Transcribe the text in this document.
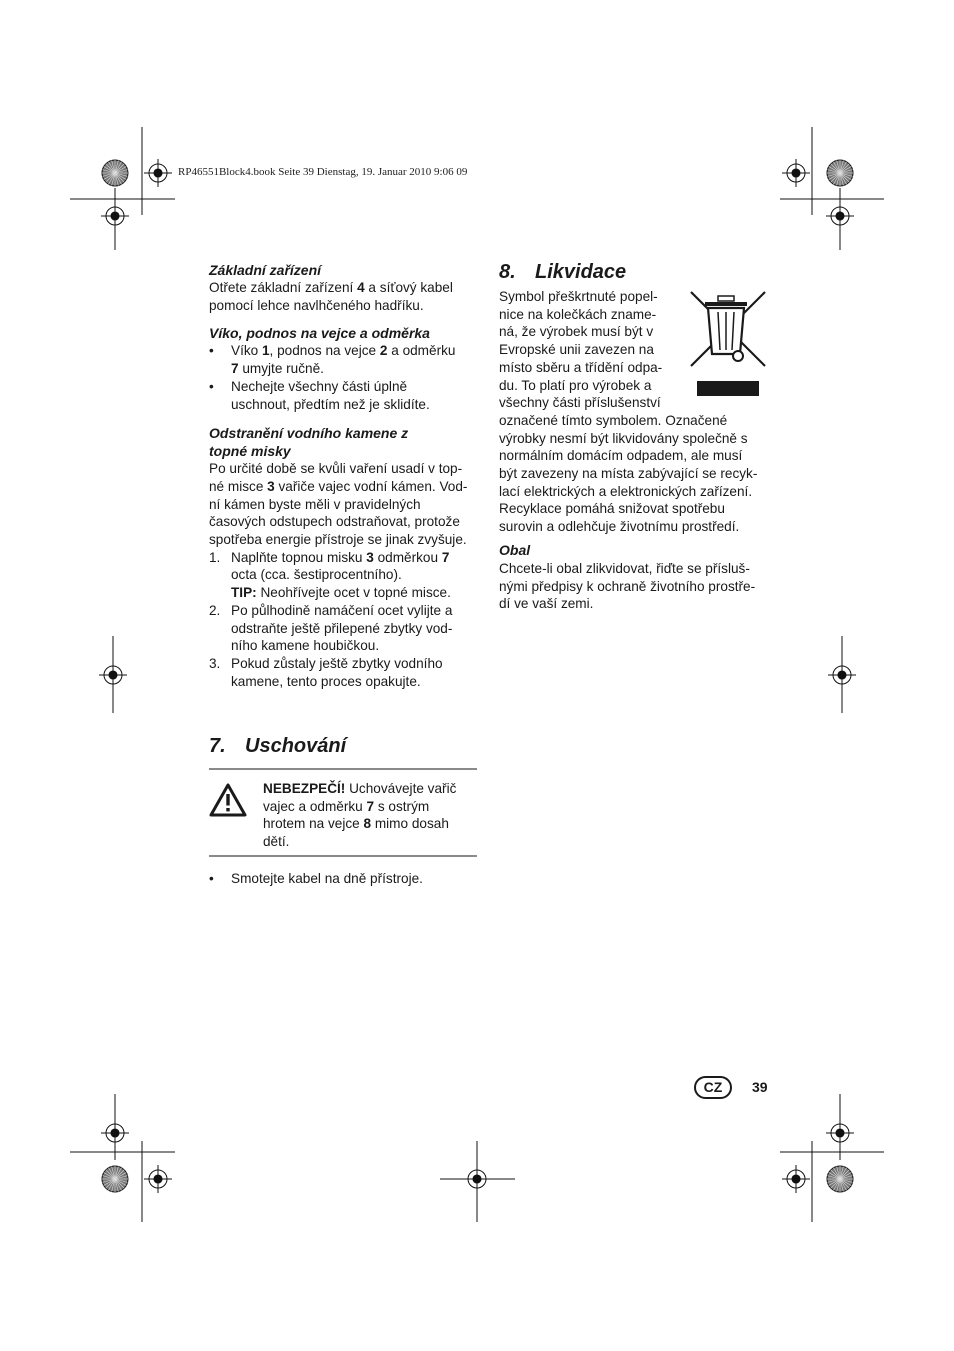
RP46551Block4.book Seite 39 Dienstag, 19. Januar 2010 9:06 09
Základní zařízení
Otřete základní zařízení 4 a síťový kabel
pomocí lehce navlhčeného hadříku.
Víko, podnos na vejce a odměrka
• Víko 1, podnos na vejce 2 a odměrku
7 umyjte ručně.
• Nechejte všechny části úplně
uschnout, předtím než je sklidíte.
Odstranění vodního kamene z
topné misky
Po určité době se kvůli vaření usadí v top-
né misce 3 vařiče vajec vodní kámen. Vod-
ní kámen byste měli v pravidelných
časových odstupech odstraňovat, protože
spotřeba energie přístroje se jinak zvyšuje.
1. Naplňte topnou misku 3 odměrkou 7
octa (cca. šestiprocentního).
TIP: Neohřívejte ocet v topné misce.
2. Po půlhodině namáčení ocet vylijte a
odstraňte ještě přilepené zbytky vod-
ního kamene houbičkou.
3. Pokud zůstaly ještě zbytky vodního
kamene, tento proces opakujte.
7. Uschování
NEBEZPEČÍ! Uchovávejte vařič
vajec a odměrku 7 s ostrým
hrotem na vejce 8 mimo dosah
dětí.
• Smotejte kabel na dně přístroje.
8. Likvidace
Symbol přeškrtnuté popel-
nice na kolečkách zname-
ná, že výrobek musí být v
Evropské unii zavezen na
místo sběru a třídění odpa-
du. To platí pro výrobek a
všechny části příslušenství
označené tímto symbolem. Označené
výrobky nesmí být likvidovány společně s
normálním domácím odpadem, ale musí
být zavezeny na místa zabývající se recyk-
lací elektrických a elektronických zařízení.
Recyklace pomáhá snižovat spotřebu
surovin a odlehčuje životnímu prostředí.
Obal
Chcete-li obal zlikvidovat, řiďte se přísluš-
nými předpisy k ochraně životního prostře-
dí ve vaší zemi.
CZ	39
